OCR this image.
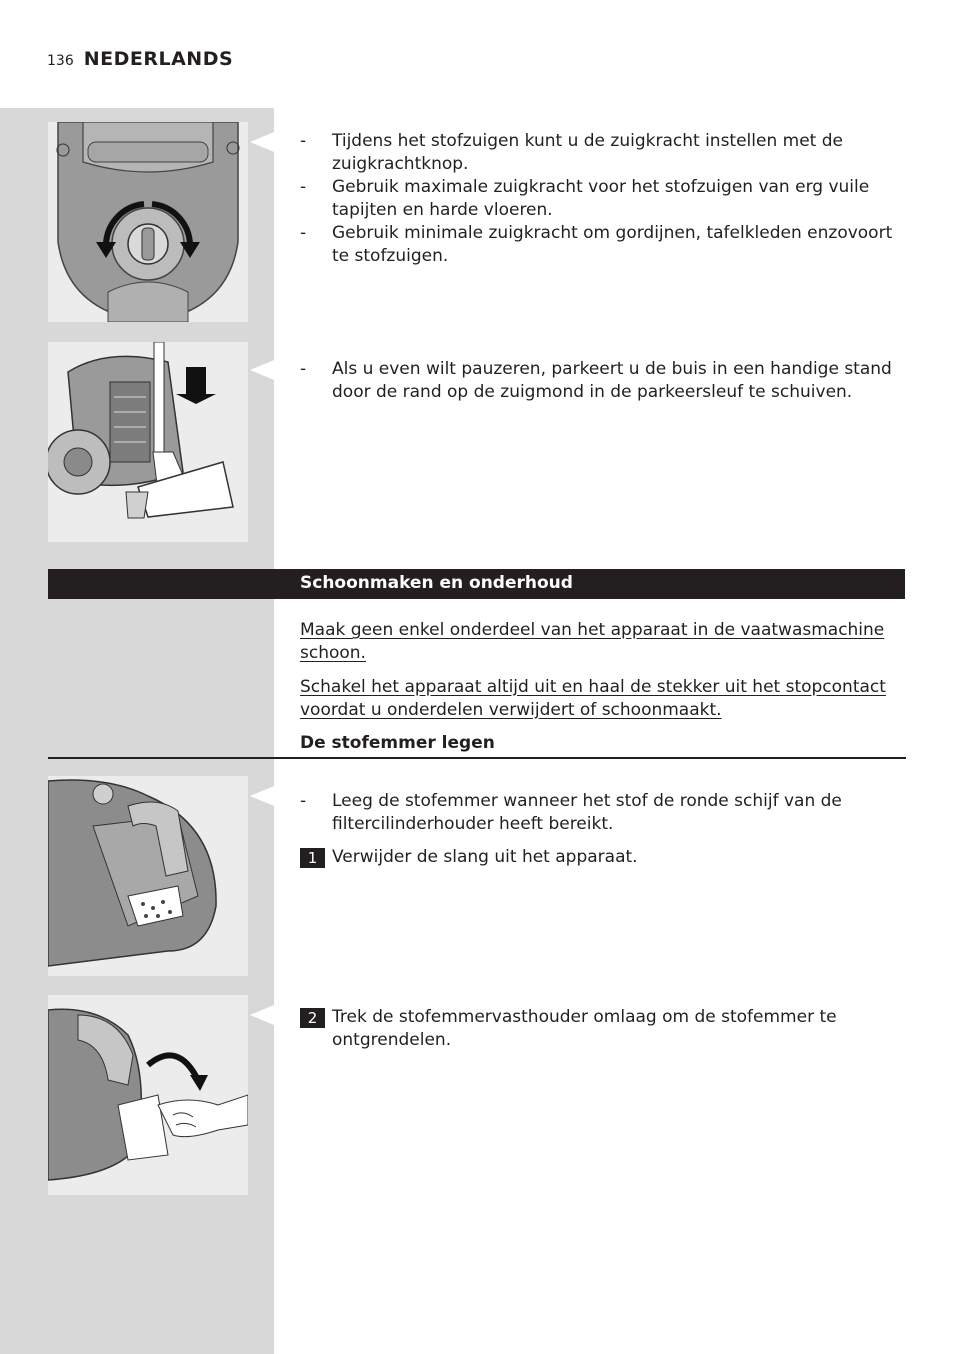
136 NEDERLANDS
- Tijdens het stofzuigen kunt u de zuigkracht instellen met de zuigkrachtknop.
- Gebruik maximale zuigkracht voor het stofzuigen van erg vuile tapijten en harde vloeren.
- Gebruik minimale zuigkracht om gordijnen, tafelkleden enzovoort te stofzuigen.
- Als u even wilt pauzeren, parkeert u de buis in een handige stand door de rand op de zuigmond in de parkeersleuf te schuiven.
Schoonmaken en onderhoud
Maak geen enkel onderdeel van het apparaat in de vaatwasmachine schoon.
Schakel het apparaat altijd uit en haal de stekker uit het stopcontact voordat u onderdelen verwijdert of schoonmaakt.
De stofemmer legen
- Leeg de stofemmer wanneer het stof de ronde schijf van de filtercilinderhouder heeft bereikt.
1 Verwijder de slang uit het apparaat.
2 Trek de stofemmervasthouder omlaag om de stofemmer te ontgrendelen.
